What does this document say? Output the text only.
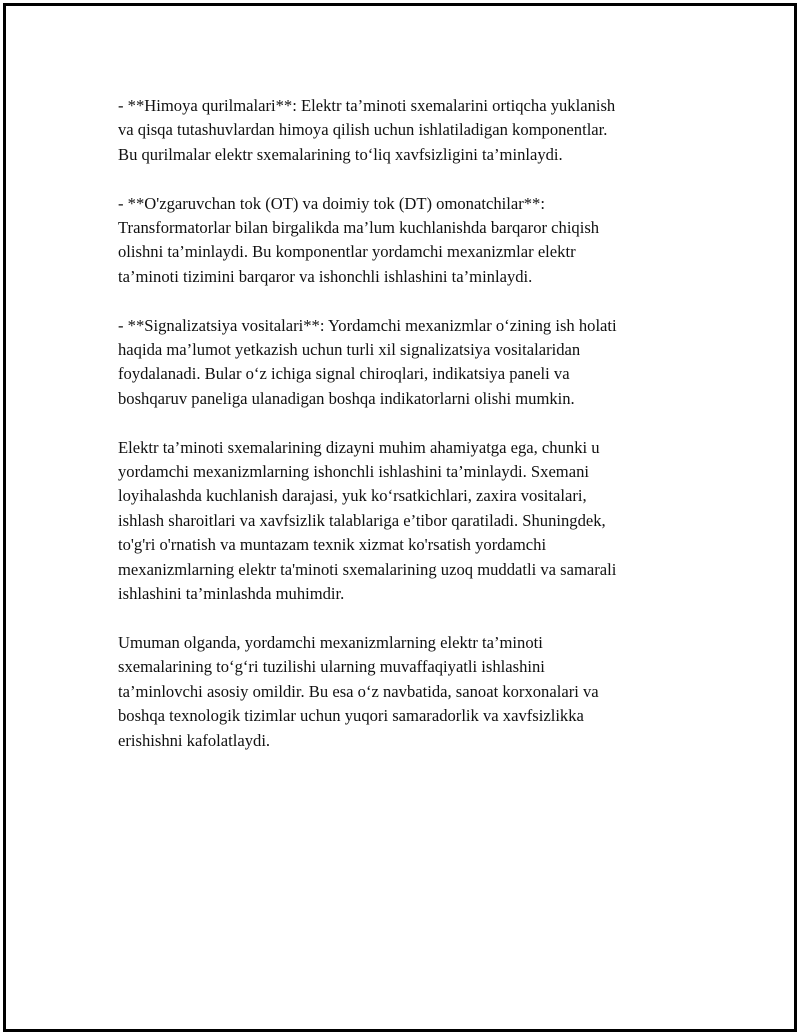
- **Himoya qurilmalari**: Elektr ta’minoti sxemalarini ortiqcha yuklanish
va qisqa tutashuvlardan himoya qilish uchun ishlatiladigan komponentlar.
Bu qurilmalar elektr sxemalarining to‘liq xavfsizligini ta’minlaydi.

- **O'zgaruvchan tok (OT) va doimiy tok (DT) omonatchilar**:
Transformatorlar bilan birgalikda ma’lum kuchlanishda barqaror chiqish
olishni ta’minlaydi. Bu komponentlar yordamchi mexanizmlar elektr
ta’minoti tizimini barqaror va ishonchli ishlashini ta’minlaydi.

- **Signalizatsiya vositalari**: Yordamchi mexanizmlar o‘zining ish holati
haqida ma’lumot yetkazish uchun turli xil signalizatsiya vositalaridan
foydalanadi. Bular o‘z ichiga signal chiroqlari, indikatsiya paneli va
boshqaruv paneliga ulanadigan boshqa indikatorlarni olishi mumkin.

Elektr ta’minoti sxemalarining dizayni muhim ahamiyatga ega, chunki u
yordamchi mexanizmlarning ishonchli ishlashini ta’minlaydi. Sxemani
loyihalashda kuchlanish darajasi, yuk ko‘rsatkichlari, zaxira vositalari,
ishlash sharoitlari va xavfsizlik talablariga e’tibor qaratiladi. Shuningdek,
to'g'ri o'rnatish va muntazam texnik xizmat ko'rsatish yordamchi
mexanizmlarning elektr ta'minoti sxemalarining uzoq muddatli va samarali
ishlashini ta’minlashda muhimdir.

Umuman olganda, yordamchi mexanizmlarning elektr ta’minoti
sxemalarining to‘g‘ri tuzilishi ularning muvaffaqiyatli ishlashini
ta’minlovchi asosiy omildir. Bu esa o‘z navbatida, sanoat korxonalari va
boshqa texnologik tizimlar uchun yuqori samaradorlik va xavfsizlikka
erishishni kafolatlaydi.
